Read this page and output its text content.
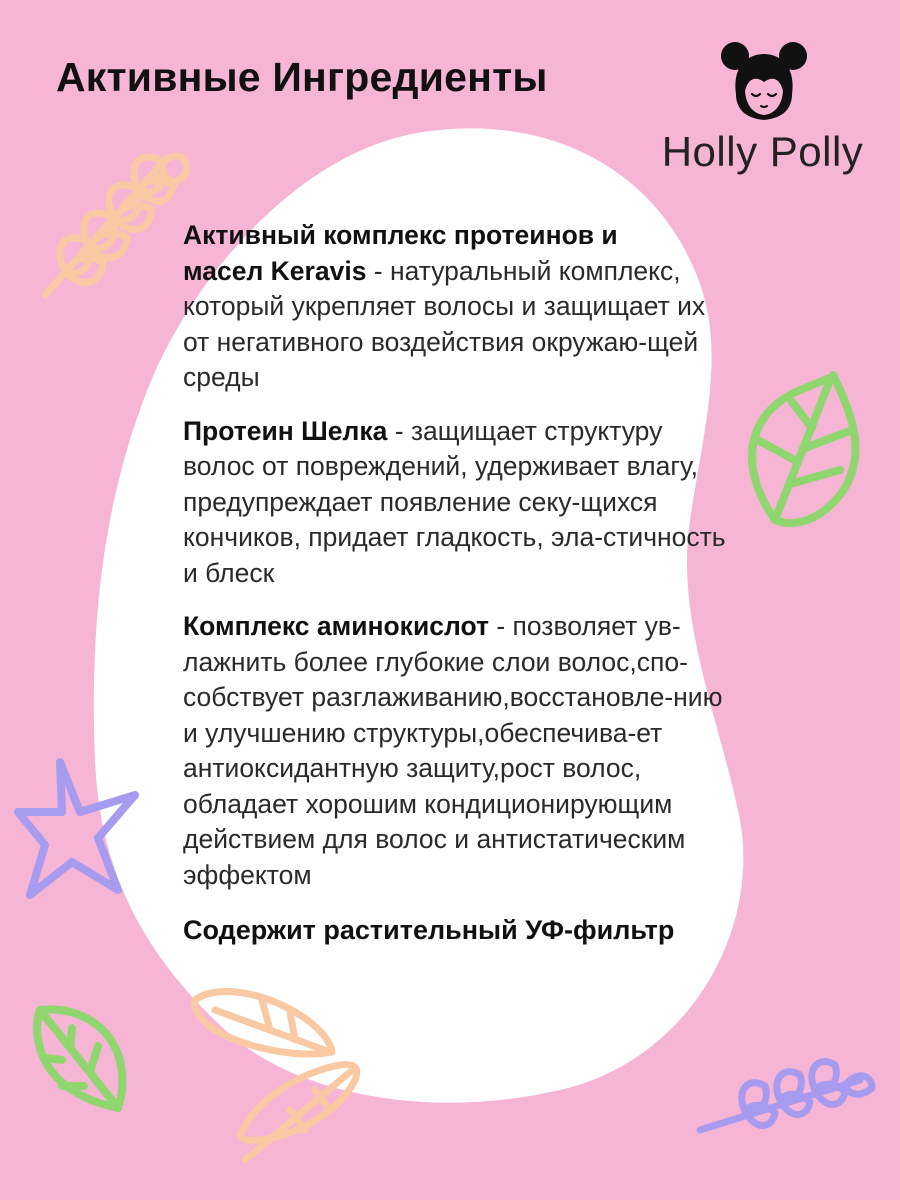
Активные Ингредиенты
Holly Polly

Активный комплекс протеинов и
масел Keravis - натуральный комплекс, который укрепляет волосы и защищает их от негативного воздействия окружаю-щей среды

Протеин Шелка - защищает структуру волос от повреждений, удерживает влагу, предупреждает появление секу-щихся кончиков, придает гладкость, эла-стичность и блеск

Комплекс аминокислот - позволяет ув-лажнить более глубокие слои волос,спо-собствует разглаживанию,восстановле-нию и улучшению структуры,обеспечива-ет антиоксидантную защиту,рост волос, обладает хорошим кондиционирующим действием для волос и антистатическим эффектом

Содержит растительный УФ-фильтр
